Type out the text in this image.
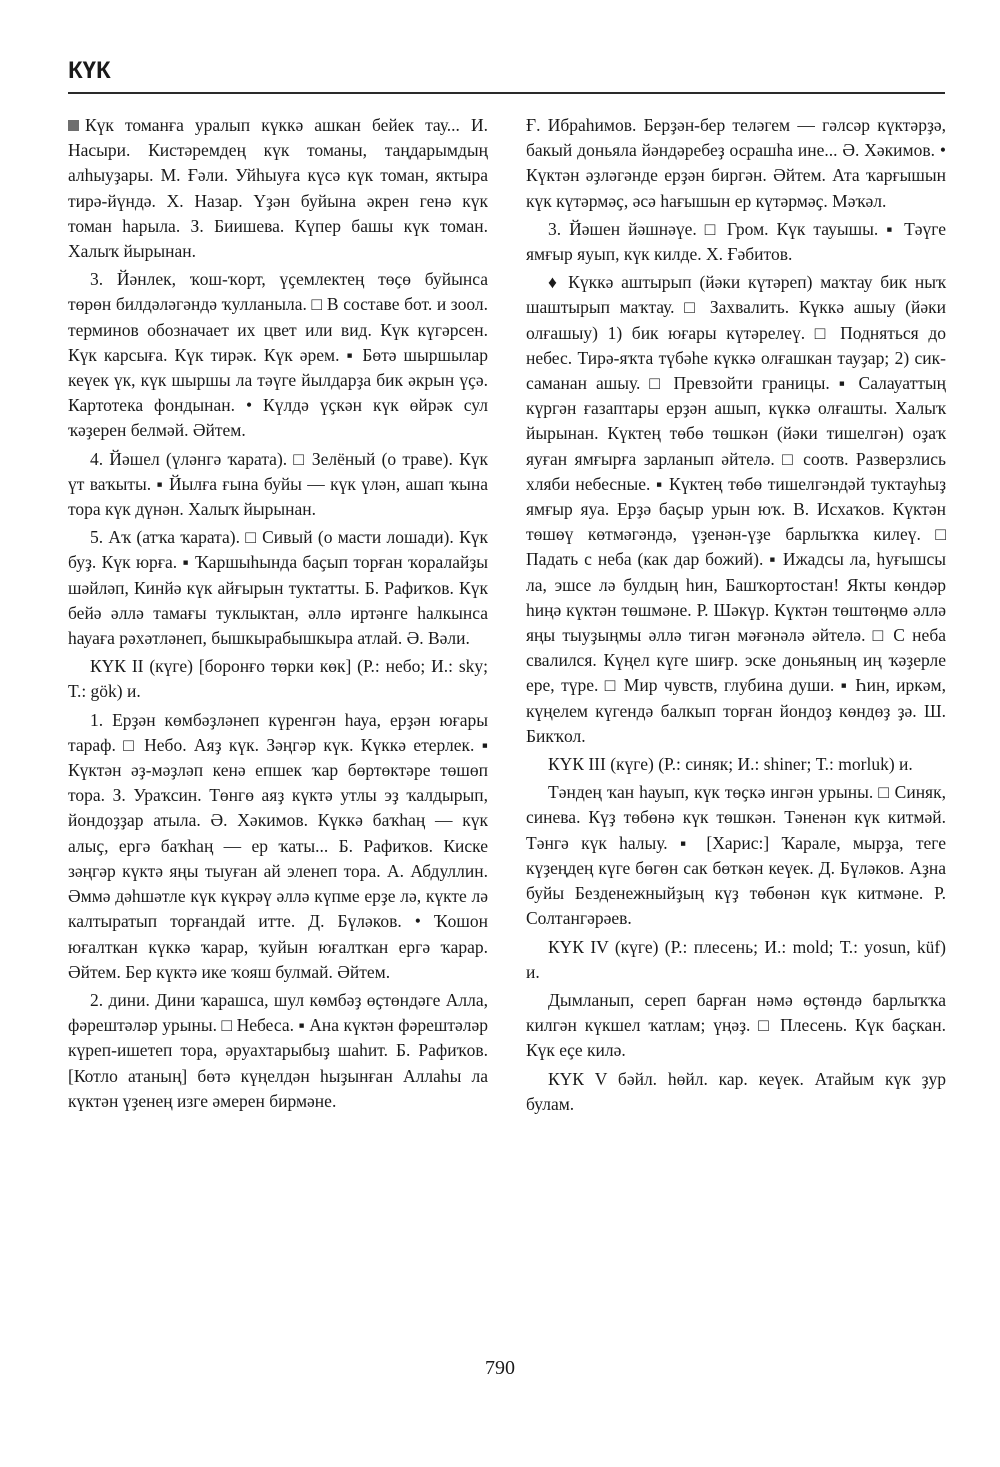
КҮК

Күк томанға уралып күккә ашкан бейек тау... И. Насыри. Кистәремдең күк томаны, таңдарымдың алһыуҙары. М. Ғәли. Уйһыуға күсә күк томан, яктыра тирә-йүндә. Х. Назар. Үҙән буйына әкрен генә күк томан һарыла. З. Биишева. Күпер башы күк томан. Халыҡ йырынан.

3. Йәнлек, ҡош-ҡорт, үҫемлектең төҫө буйынса төрөн билдәләгәндә ҡулланыла. □ В составе бот. и зоол. терминов обозначает их цвет или вид. Күк күгәрсен. Күк карсыға. Күк тирәк. Күк әрем. ▪ Бөтә шыршылар кеүек үк, күк шыршы ла тәүге йылдарҙа бик әкрын үҫә. Картотека фондынан. • Күлдә үҫкән күк өйрәк сул ҡәҙерен белмәй. Әйтем.

4. Йәшел (үләнгә ҡарата). □ Зелёный (о траве). Күк үт ваҡыты. ▪ Йылға ғына буйы — күк үлән, ашап ҡына тора күк дүнән. Халыҡ йырынан.

5. Аҡ (атҡа ҡарата). □ Сивый (о масти лошади). Күк буҙ. Күк юрға. ▪ Ҡаршыһында баҫып торған ҡоралайҙы шәйләп, Кинйә күк айғырын туктатты. Б. Рафиҡов. Күк бейә әллә тамағы туклыктан, әллә иртәнге һалкынса һауаға рәхәтләнеп, бышкырабышкыра атлай. Ә. Вәли.

КҮК II (күге) [боронғо төрки көк] (Р.: небо; И.: sky; Т.: gök) и.

1. Ерҙән көмбәҙләнеп күренгән һауа, ерҙән юғары тараф. □ Небо. Аяҙ күк. Зәңгәр күк. Күккә етерлек. ▪ Күктән әҙ-мәҙләп кенә епшек ҡар бөртөктәре төшөп тора. З. Ураҡсин. Төнгө аяҙ күктә утлы эҙ ҡалдырып, йондоҙҙар атыла. Ә. Хәкимов. Күккә баҡһаң — күк алыҫ, ергә баҡһаң — ер ҡаты... Б. Рафиҡов. Киске зәңгәр күктә яңы тыуған ай эленеп тора. А. Абдуллин. Әммә дәһшәтле күк күкрәү әллә күпме ерҙе лә, күкте лә калтыратып торғандай итте. Д. Бүләков. • Ҡошон юғалткан күккә ҡарар, ҡуйын юғалткан ергә ҡарар. Әйтем. Бер күктә ике ҡояш булмай. Әйтем.

2. дини. Дини ҡарашса, шул көмбәҙ өҫтөндәге Алла, фәрештәләр урыны. □ Небеса. ▪ Ана күктән фәрештәләр күреп-ишетеп тора, әруахтарыбыҙ шаһит. Б. Рафиҡов. [Котло атаның] бөтә күңелдән һыҙынған Аллаһы ла күктән үҙенең изге әмерен бирмәне.

Ғ. Ибраһимов. Берҙән-бер теләгем — гәлсәр күктәрҙә, бакый доньяла йәндәребеҙ осрашһа ине... Ә. Хәкимов. • Күктән әҙләгәнде ерҙән биргән. Әйтем. Ата ҡарғышын күк күтәрмәҫ, әсә һағышын ер күтәрмәҫ. Мәҡәл.

3. Йәшен йәшнәүе. □ Гром. Күк тауышы. ▪ Тәүге ямғыр яуып, күк килде. Х. Ғәбитов.

♦ Күккә аштырып (йәки күтәреп) маҡтау бик ныҡ шаштырып маҡтау. □ Захвалить. Күккә ашыу (йәки олғашыу) 1) бик юғары күтәрелеү. □ Подняться до небес. Тирә-яҡта түбәһе күккә олғашкан тауҙар; 2) сик-саманан ашыу. □ Превзойти границы. ▪ Салауаттың күргән ғазаптары ерҙән ашып, күккә олғашты. Халыҡ йырынан. Күктең төбө төшкән (йәки тишелгән) оҙаҡ яуған ямғырға зарланып әйтелә. □ соотв. Разверзлись хляби небесные. ▪ Күктең төбө тишелгәндәй туктауһыҙ ямғыр яуа. Ерҙә баҫыр урын юҡ. В. Исхаҡов. Күктән төшөү көтмәгәндә, үҙенән-үҙе барлыҡҡа килеү. □ Падать с неба (как дар божий). ▪ Ижадсы ла, һуғышсы ла, эшсе лә булдың һин, Башҡортостан! Якты көндәр һиңә күктән төшмәне. Р. Шәкүр. Күктән төштөңмө әллә яңы тыуҙыңмы әллә тигән мәғәнәлә әйтелә. □ С неба свалился. Күңел күге шиғр. эске доньяның иң ҡәҙерле ере, түре. □ Мир чувств, глубина души. ▪ Һин, иркәм, күңелем күгендә балкып торған йондоҙ көндөҙ ҙә. Ш. Бикҡол.

КҮК III (күге) (Р.: синяк; И.: shiner; Т.: morluk) и.

Тәндең ҡан һауып, күк төҫкә ингән урыны. □ Синяк, синева. Күҙ төбөнә күк төшкән. Тәненән күк китмәй. Тәнгә күк һалыу. ▪ [Харис:] Ҡарале, мырҙа, теге күҙеңдең күге бөгөн сак бөткән кеүек. Д. Бүләков. Аҙна буйы Безденежныйҙың күҙ төбөнән күк китмәне. Р. Солтангәрәев.

КҮК IV (күге) (Р.: плесень; И.: mold; Т.: yosun, küf) и.

Дымланып, сереп барған нәмә өҫтөндә барлыҡҡа килгән күкшел ҡатлам; үңәҙ. □ Плесень. Күк баҫкан. Күк еҫе килә.

КҮК V бәйл. һөйл. кар. кеүек. Атайым күк ҙур булам.

790
